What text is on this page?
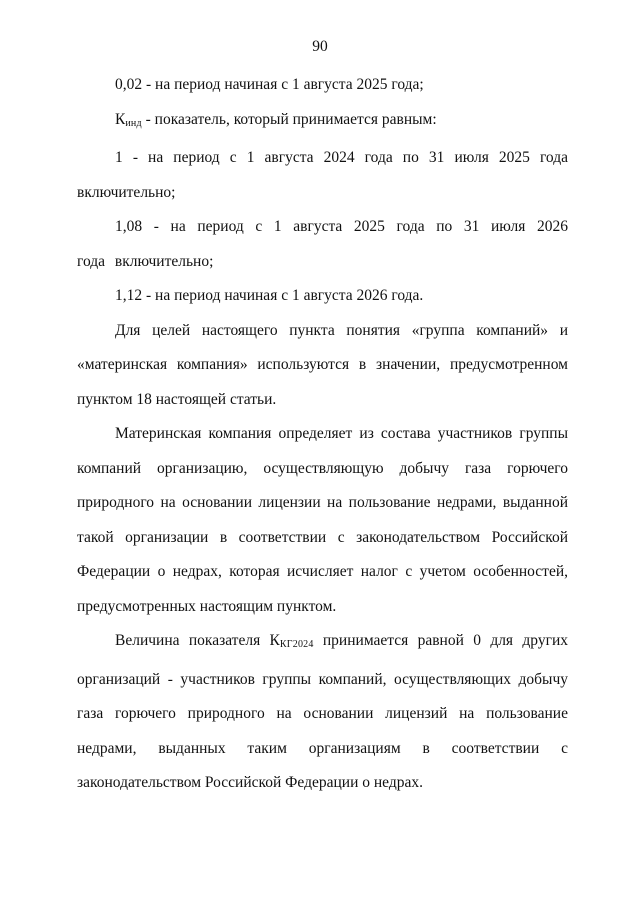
90

0,02 - на период начиная с 1 августа 2025 года;

$К_{инд}$ - показатель, который принимается равным:

1 - на период с 1 августа 2024 года по 31 июля 2025 года включительно;

1,08 - на период с 1 августа 2025 года по 31 июля 2026 года включительно;

1,12 - на период начиная с 1 августа 2026 года.

Для целей настоящего пункта понятия «группа компаний» и «материнская компания» используются в значении, предусмотренном пунктом 18 настоящей статьи.

Материнская компания определяет из состава участников группы компаний организацию, осуществляющую добычу газа горючего природного на основании лицензии на пользование недрами, выданной такой организации в соответствии с законодательством Российской Федерации о недрах, которая исчисляет налог с учетом особенностей, предусмотренных настоящим пунктом.

Величина показателя $К_{КГ2024}$ принимается равной 0 для других организаций - участников группы компаний, осуществляющих добычу газа горючего природного на основании лицензий на пользование недрами, выданных таким организациям в соответствии с законодательством Российской Федерации о недрах.
